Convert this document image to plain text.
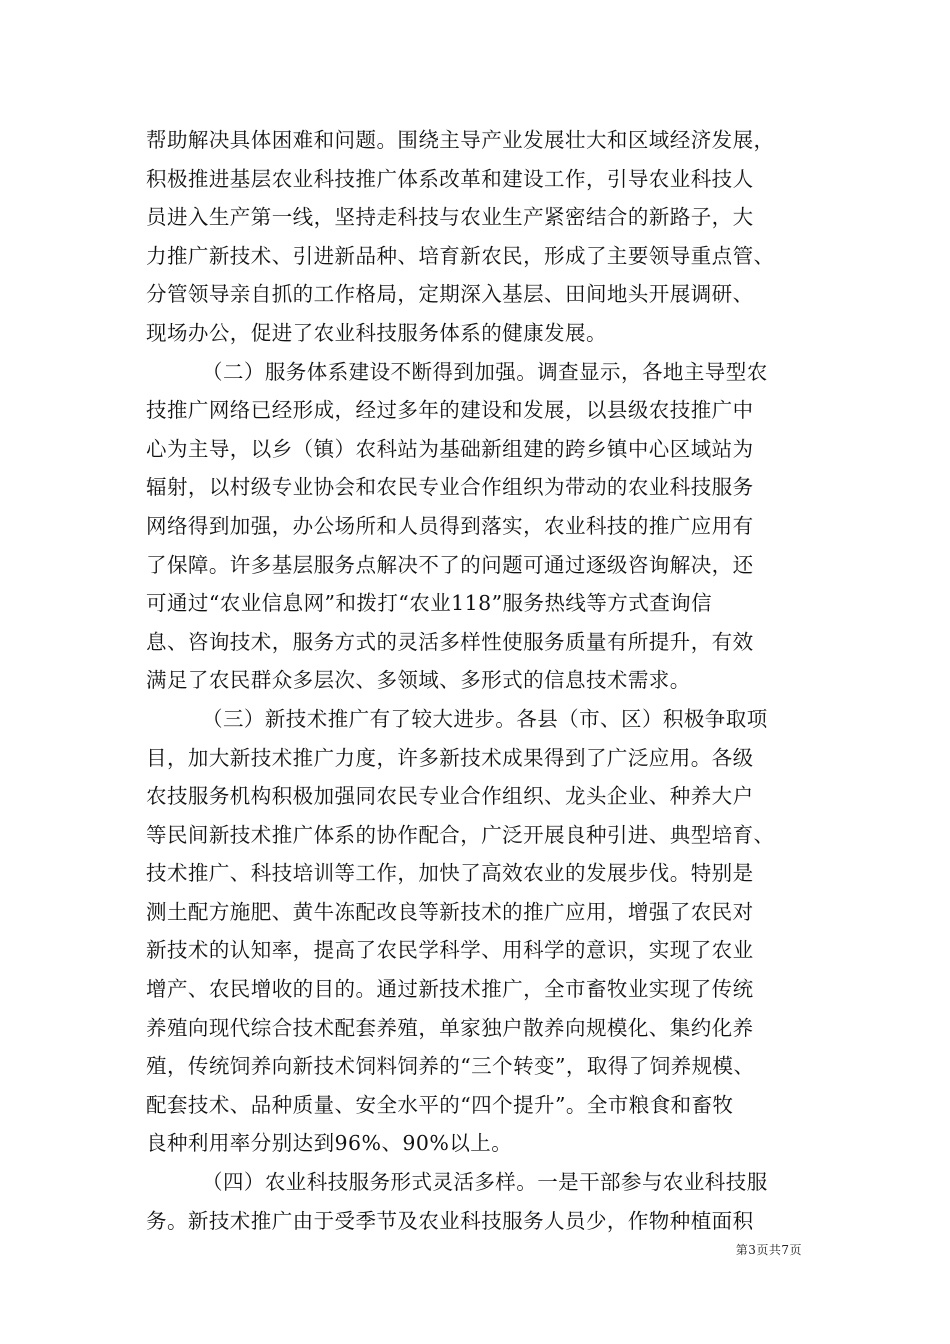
帮助解决具体困难和问题。围绕主导产业发展壮大和区域经济发展，
积极推进基层农业科技推广体系改革和建设工作，引导农业科技人
员进入生产第一线，坚持走科技与农业生产紧密结合的新路子，大
力推广新技术、引进新品种、培育新农民，形成了主要领导重点管、
分管领导亲自抓的工作格局，定期深入基层、田间地头开展调研、
现场办公，促进了农业科技服务体系的健康发展。
（二）服务体系建设不断得到加强。调查显示，各地主导型农
技推广网络已经形成，经过多年的建设和发展，以县级农技推广中
心为主导，以乡（镇）农科站为基础新组建的跨乡镇中心区域站为
辐射，以村级专业协会和农民专业合作组织为带动的农业科技服务
网络得到加强，办公场所和人员得到落实，农业科技的推广应用有
了保障。许多基层服务点解决不了的问题可通过逐级咨询解决，还
可通过“农业信息网”和拨打“农业118”服务热线等方式查询信
息、咨询技术，服务方式的灵活多样性使服务质量有所提升，有效
满足了农民群众多层次、多领域、多形式的信息技术需求。
（三）新技术推广有了较大进步。各县（市、区）积极争取项
目，加大新技术推广力度，许多新技术成果得到了广泛应用。各级
农技服务机构积极加强同农民专业合作组织、龙头企业、种养大户
等民间新技术推广体系的协作配合，广泛开展良种引进、典型培育、
技术推广、科技培训等工作，加快了高效农业的发展步伐。特别是
测土配方施肥、黄牛冻配改良等新技术的推广应用，增强了农民对
新技术的认知率，提高了农民学科学、用科学的意识，实现了农业
增产、农民增收的目的。通过新技术推广，全市畜牧业实现了传统
养殖向现代综合技术配套养殖，单家独户散养向规模化、集约化养
殖，传统饲养向新技术饲料饲养的“三个转变”，取得了饲养规模、
配套技术、品种质量、安全水平的“四个提升”。全市粮食和畜牧
良种利用率分别达到96%、90%以上。
（四）农业科技服务形式灵活多样。一是干部参与农业科技服
务。新技术推广由于受季节及农业科技服务人员少，作物种植面积
第3页共7页
